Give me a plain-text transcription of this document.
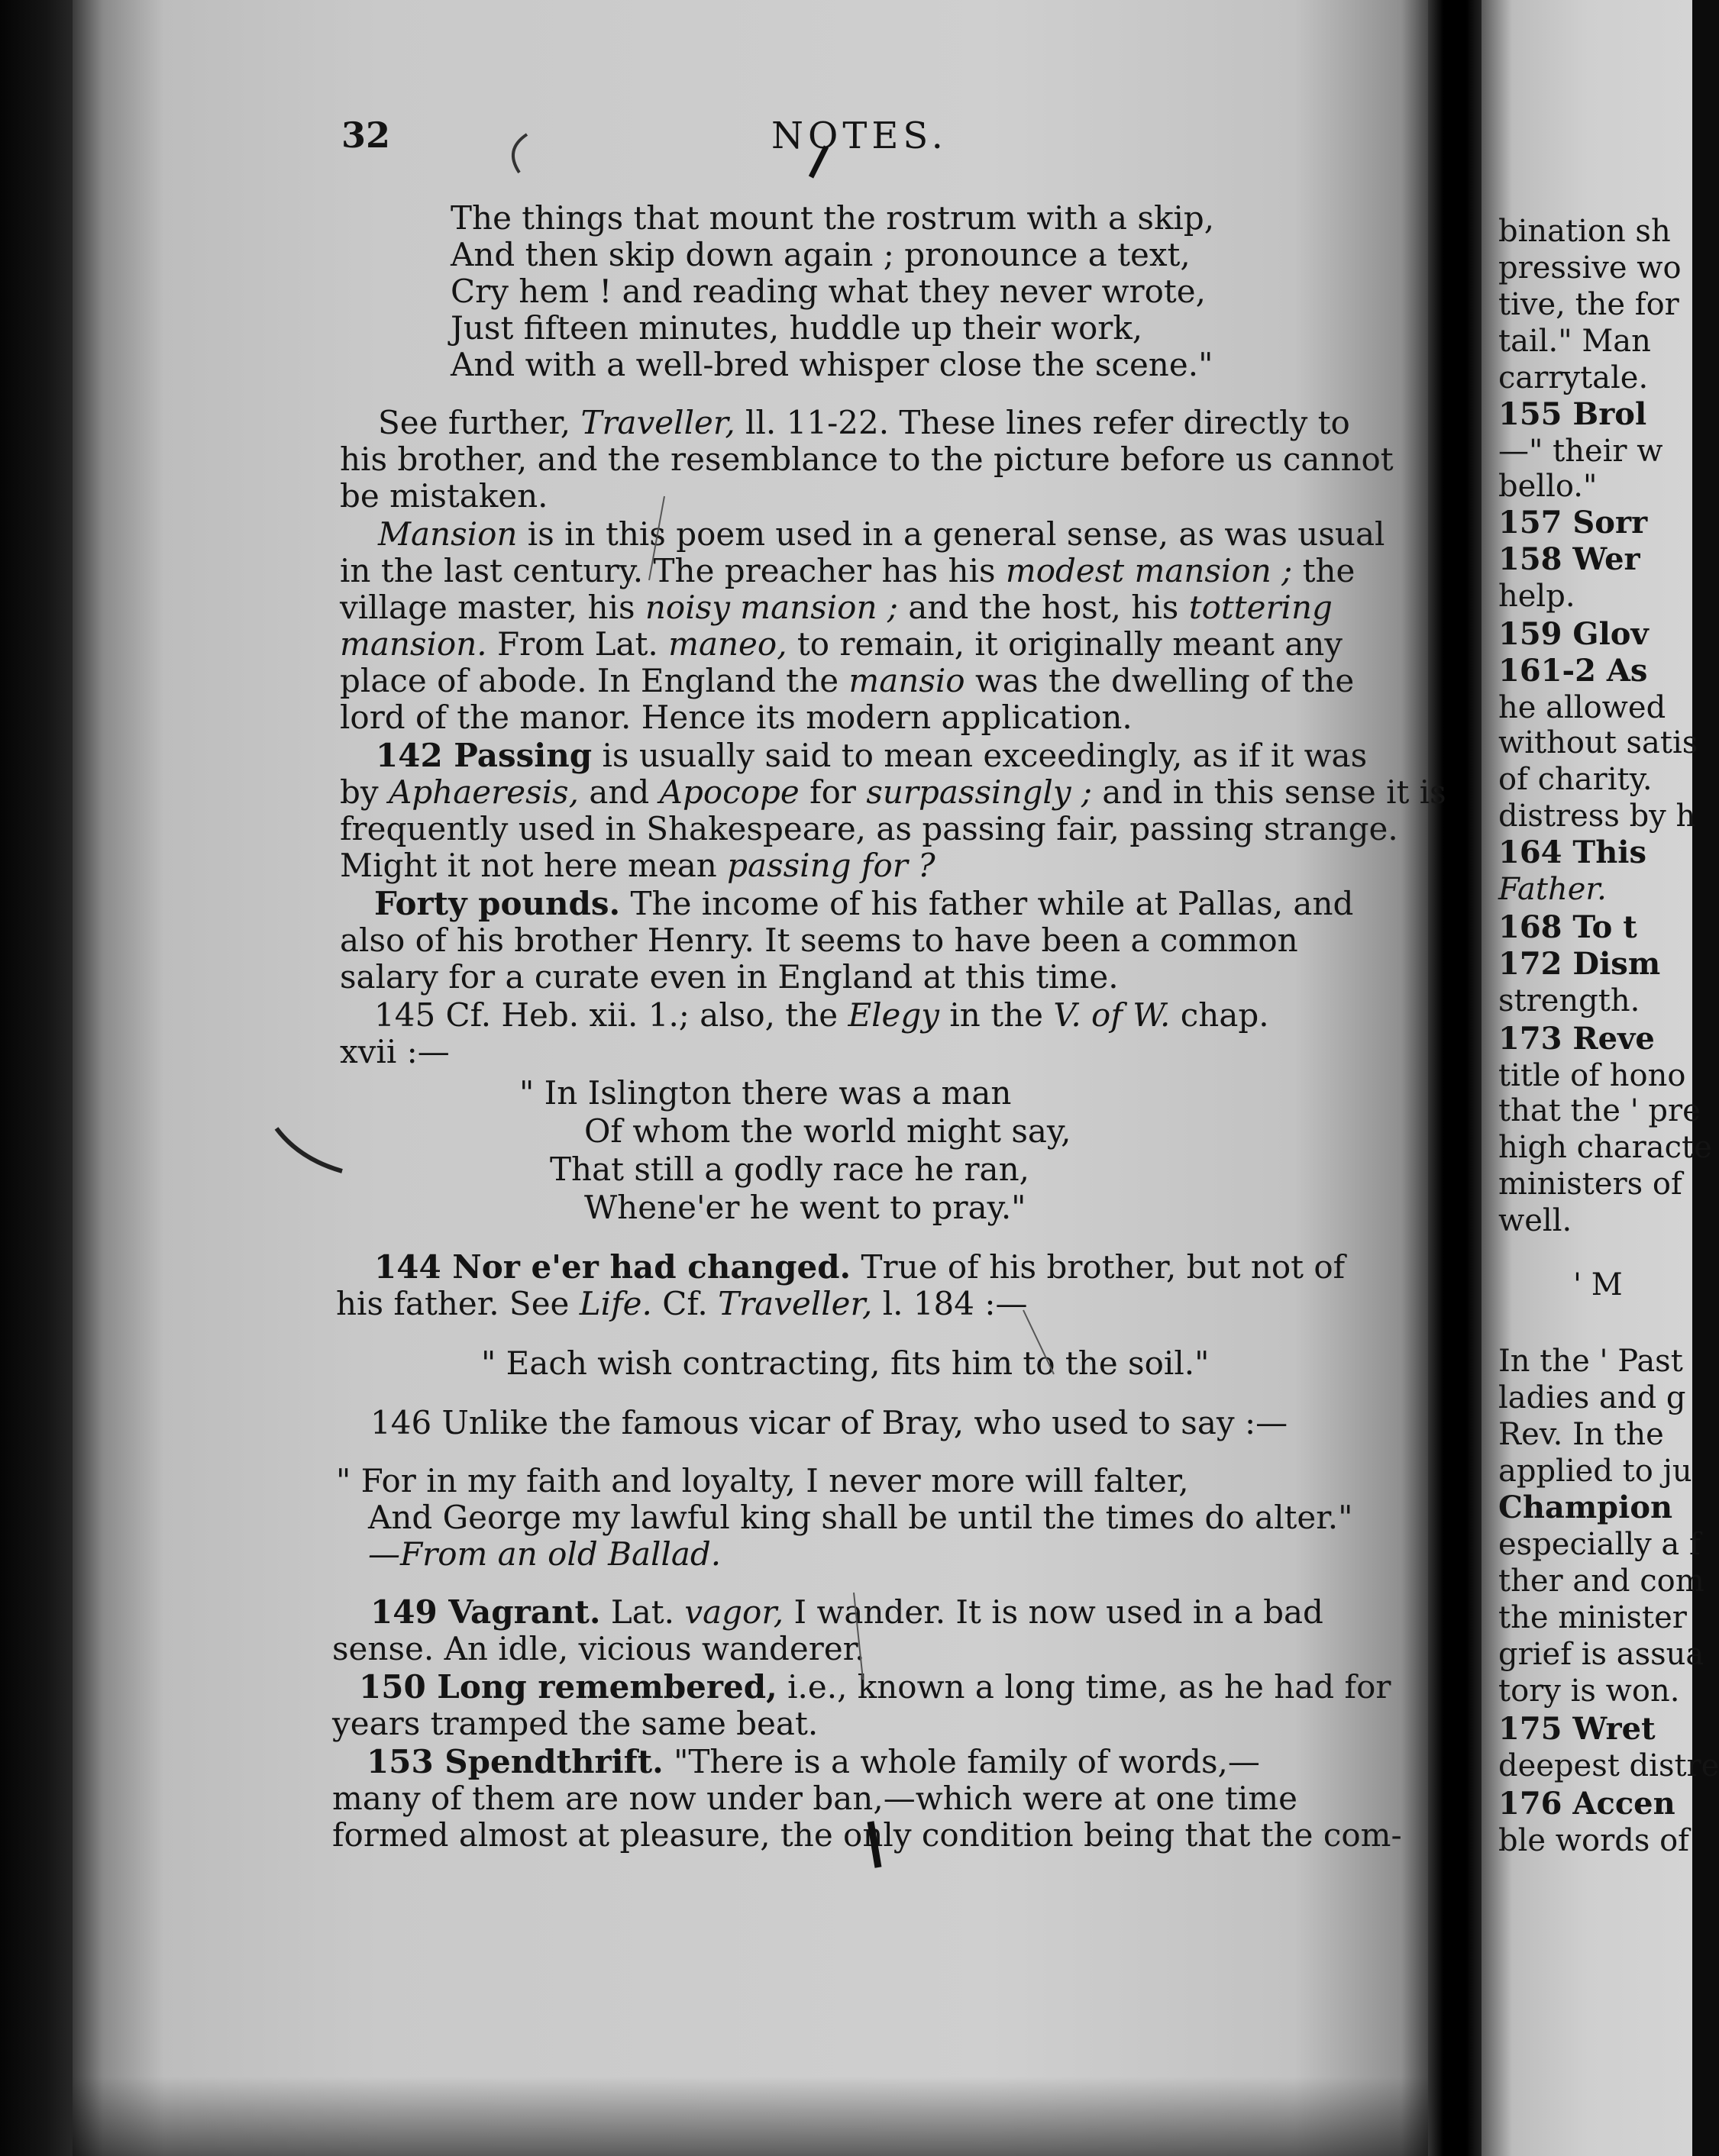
bination sh
pressive wo
tive, the for
tail." Man
carrytale.
155 Brol
—" their w
bello."
157 Sorr
158 Wer
help.
159 Glov
161-2 As
he allowed
without satis
of charity.
distress by h
164 This
Father.
168 To t
172 Dism
strength.
173 Reve
title of hono
that the ' pre
high characte
ministers of
well.
' M
In the ' Past
ladies and g
Rev. In the
applied to ju
Champion
especially a f
ther and com
the minister
grief is assua
tory is won.
175 Wret
deepest distre
176 Accen
ble words of
32	NOTES.
The things that mount the rostrum with a skip,
And then skip down again ; pronounce a text,
Cry hem ! and reading what they never wrote,
Just fifteen minutes, huddle up their work,
And with a well-bred whisper close the scene."
See further, Traveller, ll. 11-22. These lines refer directly to
his brother, and the resemblance to the picture before us cannot
be mistaken.
Mansion is in this poem used in a general sense, as was usual
in the last century. The preacher has his modest mansion ; the
village master, his noisy mansion ; and the host, his tottering
mansion. From Lat. maneo, to remain, it originally meant any
place of abode. In England the mansio was the dwelling of the
lord of the manor. Hence its modern application.
142 Passing is usually said to mean exceedingly, as if it was
by Aphaeresis, and Apocope for surpassingly ; and in this sense it is
frequently used in Shakespeare, as passing fair, passing strange.
Might it not here mean passing for ?
Forty pounds. The income of his father while at Pallas, and
also of his brother Henry. It seems to have been a common
salary for a curate even in England at this time.
145 Cf. Heb. xii. 1.; also, the Elegy in the V. of W. chap.
xvii :—
" In Islington there was a man
Of whom the world might say,
That still a godly race he ran,
Whene'er he went to pray."
144 Nor e'er had changed. True of his brother, but not of
his father. See Life. Cf. Traveller, l. 184 :—
" Each wish contracting, fits him to the soil."
146 Unlike the famous vicar of Bray, who used to say :—
" For in my faith and loyalty, I never more will falter,
And George my lawful king shall be until the times do alter."
—From an old Ballad.
149 Vagrant. Lat. vagor, I wander. It is now used in a bad
sense. An idle, vicious wanderer.
150 Long remembered, i.e., known a long time, as he had for
years tramped the same beat.
153 Spendthrift. "There is a whole family of words,—
many of them are now under ban,—which were at one time
formed almost at pleasure, the only condition being that the com-
